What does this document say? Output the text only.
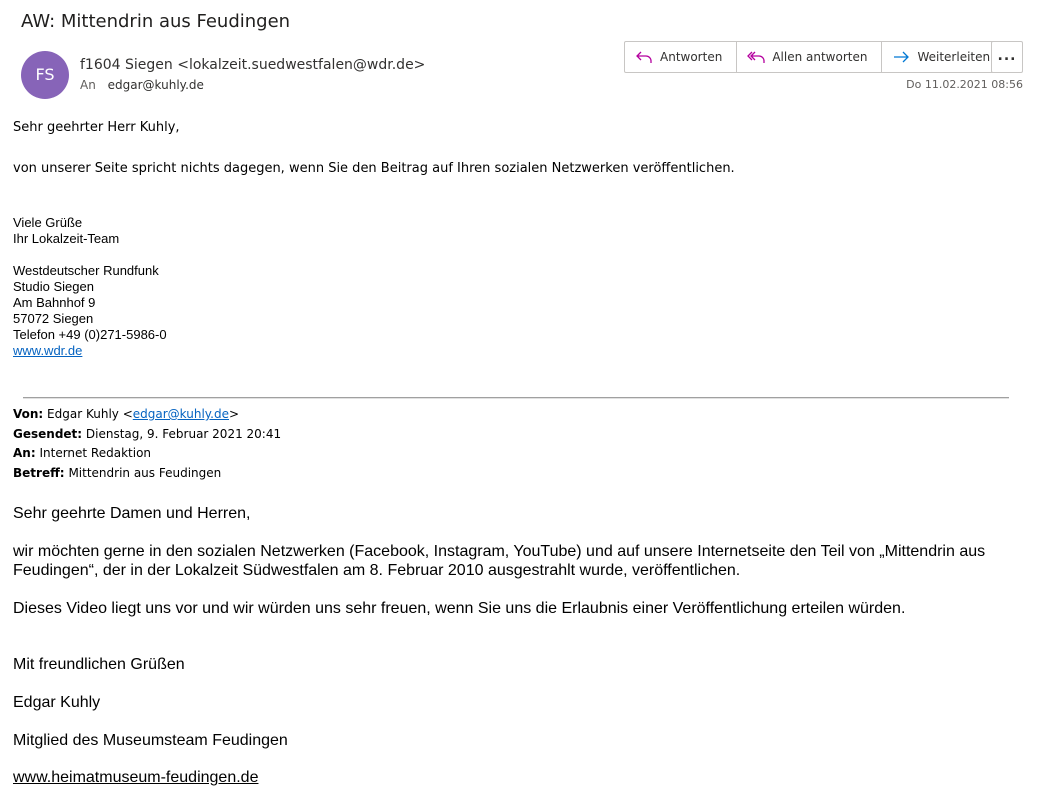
AW: Mittendrin aus Feudingen
FS	f1604 Siegen <lokalzeit.suedwestfalen@wdr.de>
An edgar@kuhly.de
Antworten	Allen antworten	Weiterleiten ...
Do 11.02.2021 08:56
Sehr geehrter Herr Kuhly,
von unserer Seite spricht nichts dagegen, wenn Sie den Beitrag auf Ihren sozialen Netzwerken veröffentlichen.
Viele Grüße
Ihr Lokalzeit-Team
Westdeutscher Rundfunk
Studio Siegen
Am Bahnhof 9
57072 Siegen
Telefon +49 (0)271-5986-0
www.wdr.de
Von: Edgar Kuhly <edgar@kuhly.de>
Gesendet: Dienstag, 9. Februar 2021 20:41
An: Internet Redaktion
Betreff: Mittendrin aus Feudingen
Sehr geehrte Damen und Herren,
wir möchten gerne in den sozialen Netzwerken (Facebook, Instagram, YouTube) und auf unsere Internetseite den Teil von „Mittendrin aus
Feudingen“, der in der Lokalzeit Südwestfalen am 8. Februar 2010 ausgestrahlt wurde, veröffentlichen.
Dieses Video liegt uns vor und wir würden uns sehr freuen, wenn Sie uns die Erlaubnis einer Veröffentlichung erteilen würden.
Mit freundlichen Grüßen
Edgar Kuhly
Mitglied des Museumsteam Feudingen
www.heimatmuseum-feudingen.de
